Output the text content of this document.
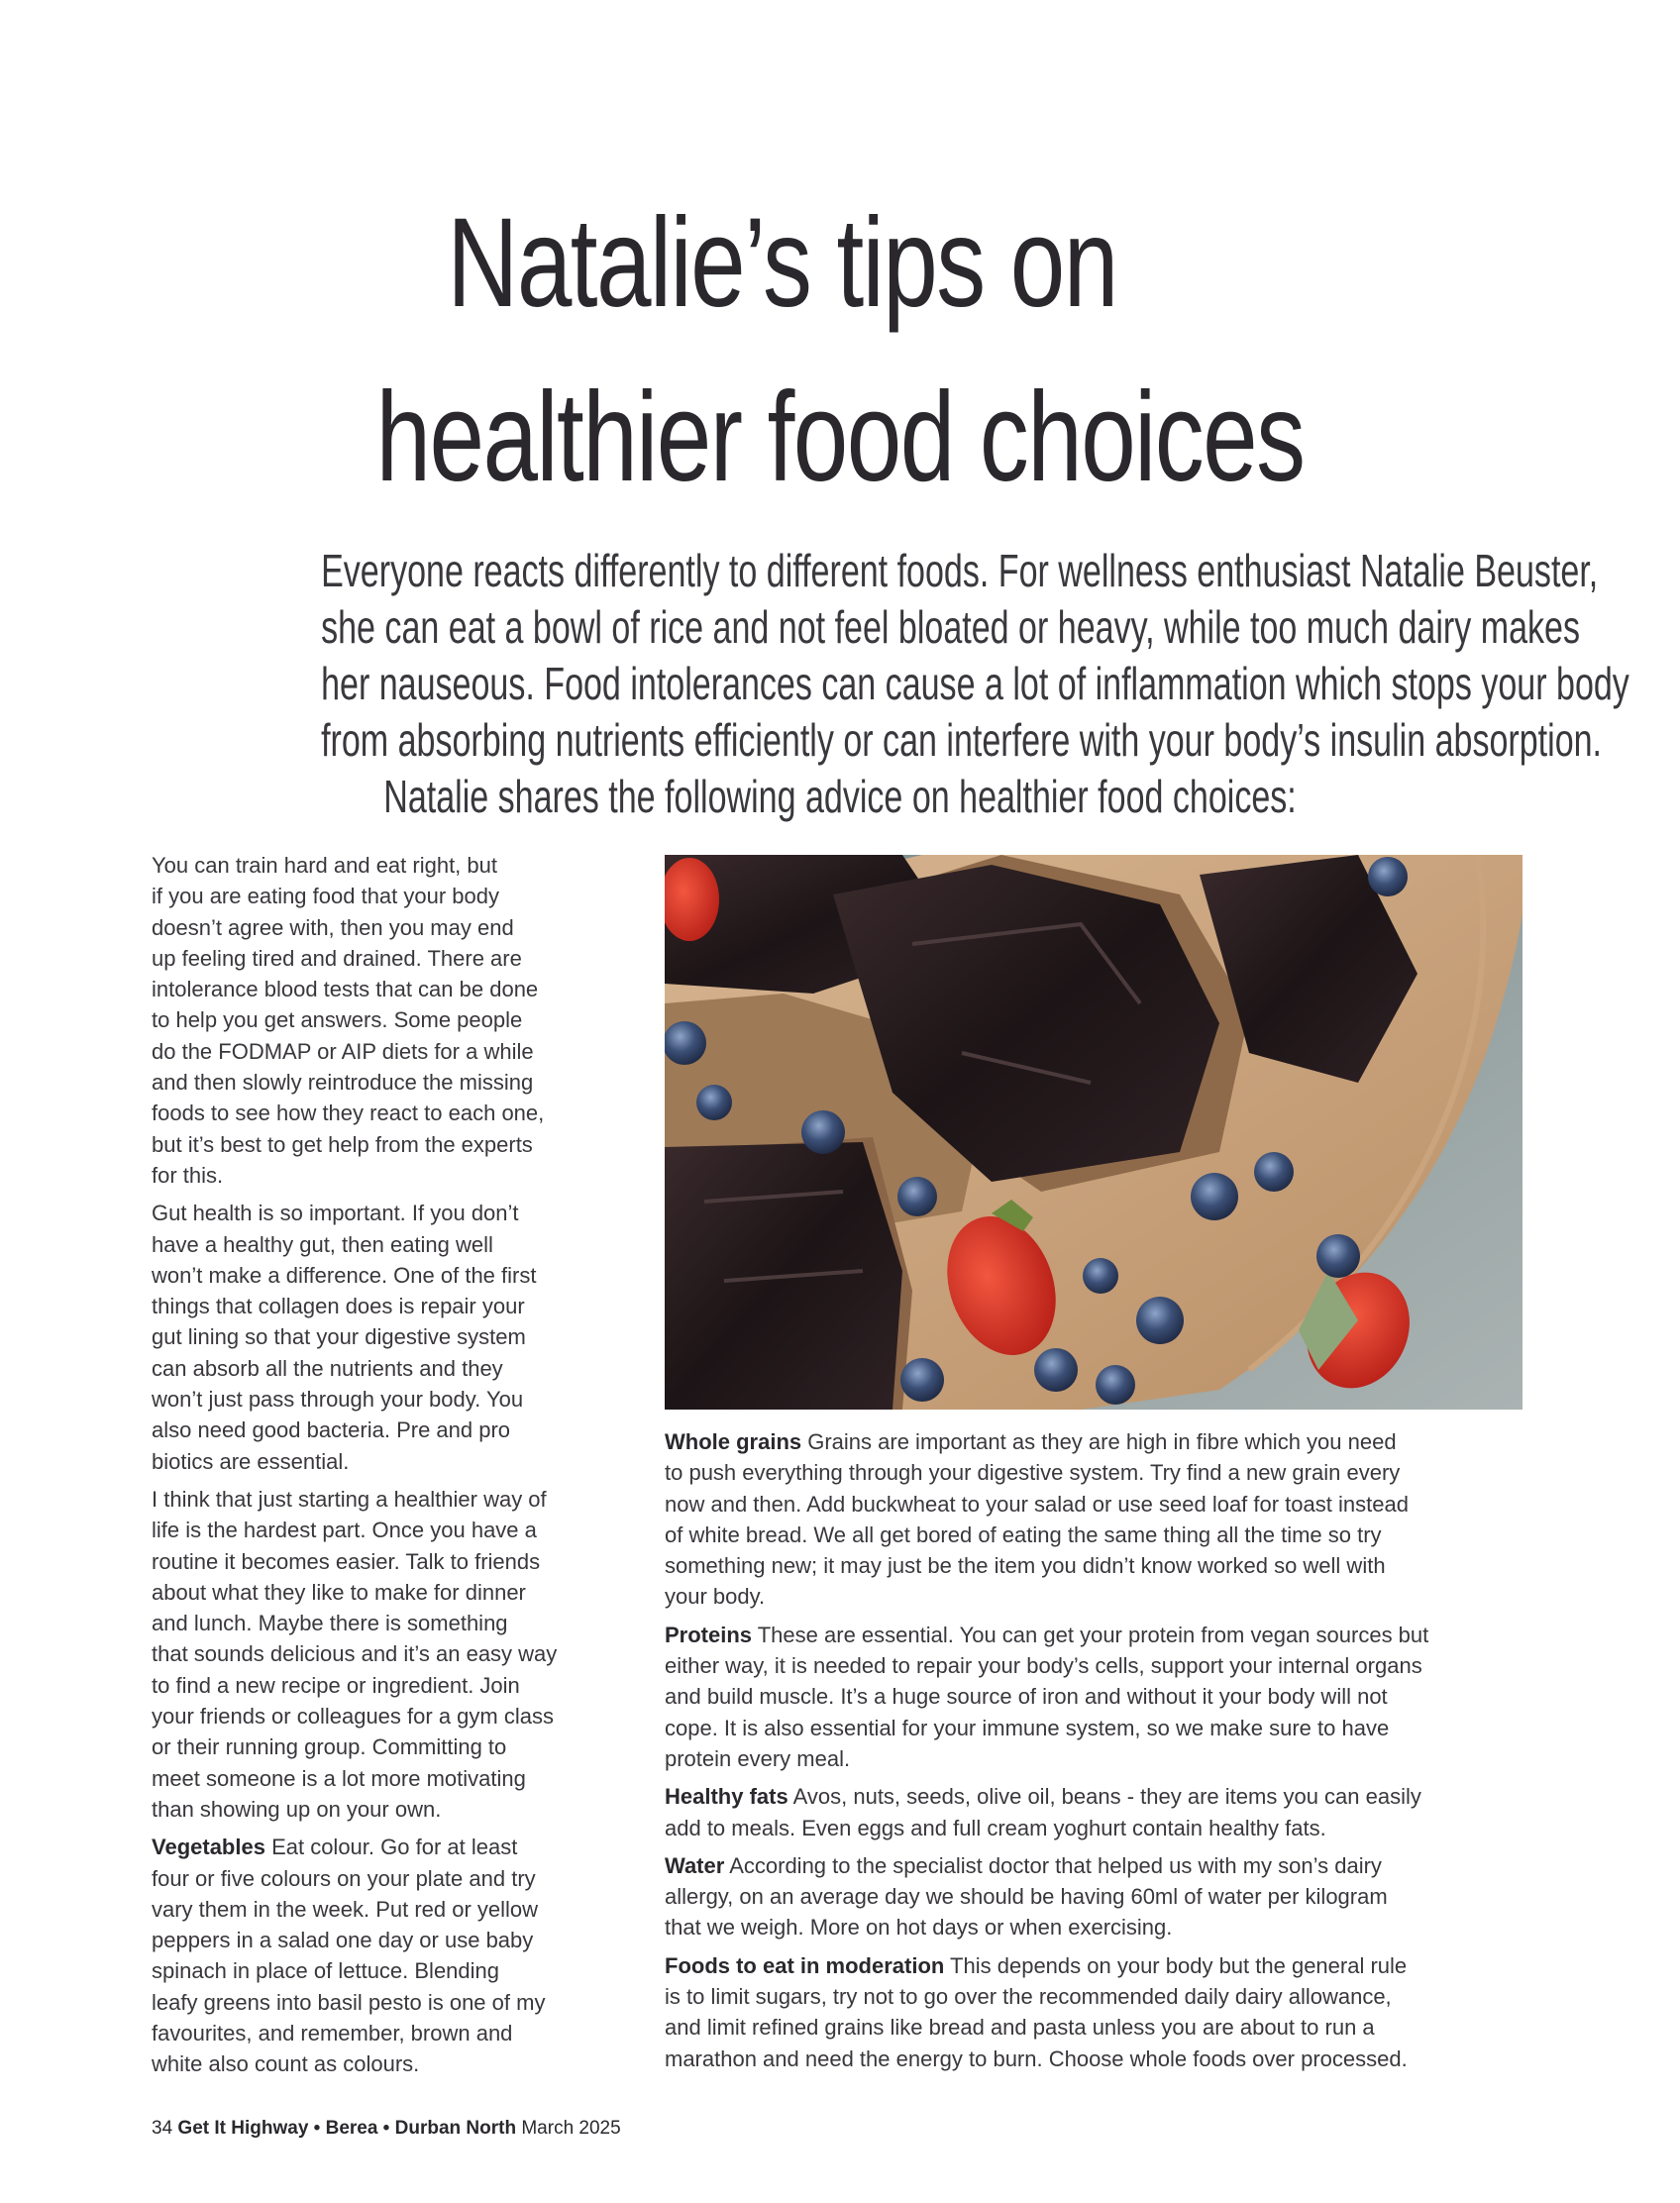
Natalie’s tips on
healthier food choices

Everyone reacts differently to different foods. For wellness enthusiast Natalie Beuster,
she can eat a bowl of rice and not feel bloated or heavy, while too much dairy makes
her nauseous. Food intolerances can cause a lot of inflammation which stops your body
from absorbing nutrients efficiently or can interfere with your body’s insulin absorption.
Natalie shares the following advice on healthier food choices:

You can train hard and eat right, but
if you are eating food that your body
doesn’t agree with, then you may end
up feeling tired and drained. There are
intolerance blood tests that can be done
to help you get answers. Some people
do the FODMAP or AIP diets for a while
and then slowly reintroduce the missing
foods to see how they react to each one,
but it’s best to get help from the experts
for this.

Gut health is so important. If you don’t
have a healthy gut, then eating well
won’t make a difference. One of the first
things that collagen does is repair your
gut lining so that your digestive system
can absorb all the nutrients and they
won’t just pass through your body. You
also need good bacteria. Pre and pro
biotics are essential.

I think that just starting a healthier way of
life is the hardest part. Once you have a
routine it becomes easier. Talk to friends
about what they like to make for dinner
and lunch. Maybe there is something
that sounds delicious and it’s an easy way
to find a new recipe or ingredient. Join
your friends or colleagues for a gym class
or their running group. Committing to
meet someone is a lot more motivating
than showing up on your own.

Vegetables Eat colour. Go for at least
four or five colours on your plate and try
vary them in the week. Put red or yellow
peppers in a salad one day or use baby
spinach in place of lettuce. Blending
leafy greens into basil pesto is one of my
favourites, and remember, brown and
white also count as colours.

Whole grains Grains are important as they are high in fibre which you need
to push everything through your digestive system. Try find a new grain every
now and then. Add buckwheat to your salad or use seed loaf for toast instead
of white bread. We all get bored of eating the same thing all the time so try
something new; it may just be the item you didn’t know worked so well with
your body.

Proteins These are essential. You can get your protein from vegan sources but
either way, it is needed to repair your body’s cells, support your internal organs
and build muscle. It’s a huge source of iron and without it your body will not
cope. It is also essential for your immune system, so we make sure to have
protein every meal.

Healthy fats Avos, nuts, seeds, olive oil, beans - they are items you can easily
add to meals. Even eggs and full cream yoghurt contain healthy fats.

Water According to the specialist doctor that helped us with my son’s dairy
allergy, on an average day we should be having 60ml of water per kilogram
that we weigh. More on hot days or when exercising.

Foods to eat in moderation This depends on your body but the general rule
is to limit sugars, try not to go over the recommended daily dairy allowance,
and limit refined grains like bread and pasta unless you are about to run a
marathon and need the energy to burn. Choose whole foods over processed.

34 Get It Highway • Berea • Durban North March 2025
